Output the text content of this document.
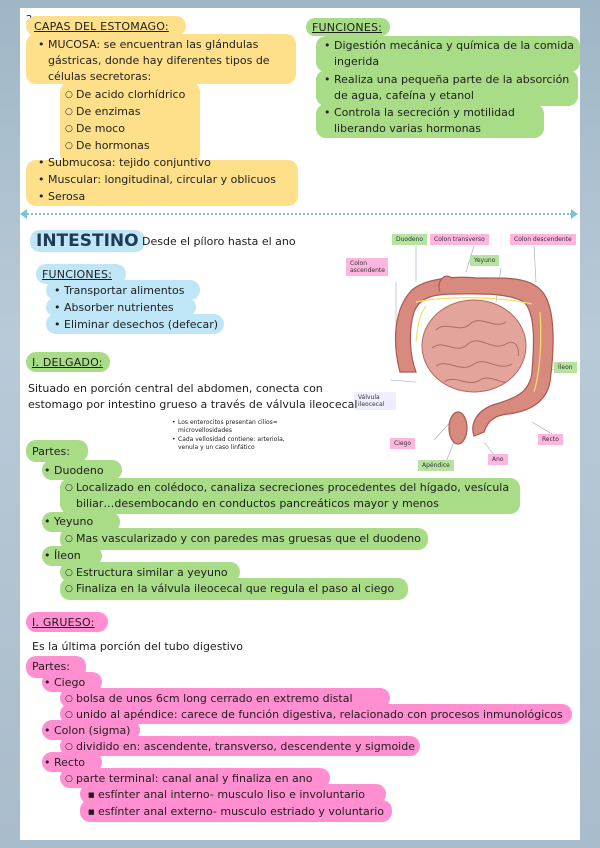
CAPAS DEL ESTOMAGO:
• MUCOSA: se encuentran las glándulas
gástricas, donde hay diferentes tipos de
células secretoras:
○ De acido clorhídrico
○ De enzimas
○ De moco
○ De hormonas
• Submucosa: tejido conjuntivo
• Muscular: longitudinal, circular y oblicuos
• Serosa
FUNCIONES:
• Digestión mecánica y química de la comida
ingerida
• Realiza una pequeña parte de la absorción
de agua, cafeína y etanol
• Controla la secreción y motilidad
liberando varias hormonas
INTESTINO Desde el píloro hasta el ano
FUNCIONES:
• Transportar alimentos
• Absorber nutrientes
• Eliminar desechos (defecar)
Duodeno	Colon transverso	Colon descendente
Yeyuno
Colon ascendente
Íleon
Válvula ileocecal
Recto
Ciego
Apéndice
Ano
I. DELGADO:
Situado en porción central del abdomen, conecta con
estomago por intestino grueso a través de válvula ileocecal
• Los enterocitos presentan cilios=
microvellosidades
• Cada vellosidad contiene: arteriola,
venula y un caso linfático
Partes:
• Duodeno
○ Localizado en colédoco, canaliza secreciones procedentes del hígado, vesícula
biliar…desembocando en conductos pancreáticos mayor y menos
• Yeyuno
○ Mas vascularizado y con paredes mas gruesas que el duodeno
• Íleon
○ Estructura similar a yeyuno
○ Finaliza en la válvula ileocecal que regula el paso al ciego
I. GRUESO:
Es la última porción del tubo digestivo
Partes:
• Ciego
○ bolsa de unos 6cm long cerrado en extremo distal
○ unido al apéndice: carece de función digestiva, relacionado con procesos inmunológicos
• Colon (sigma)
○ dividido en: ascendente, transverso, descendente y sigmoide
• Recto
○ parte terminal: canal anal y finaliza en ano
■ esfínter anal interno- musculo liso e involuntario
■ esfínter anal externo- musculo estriado y voluntario
